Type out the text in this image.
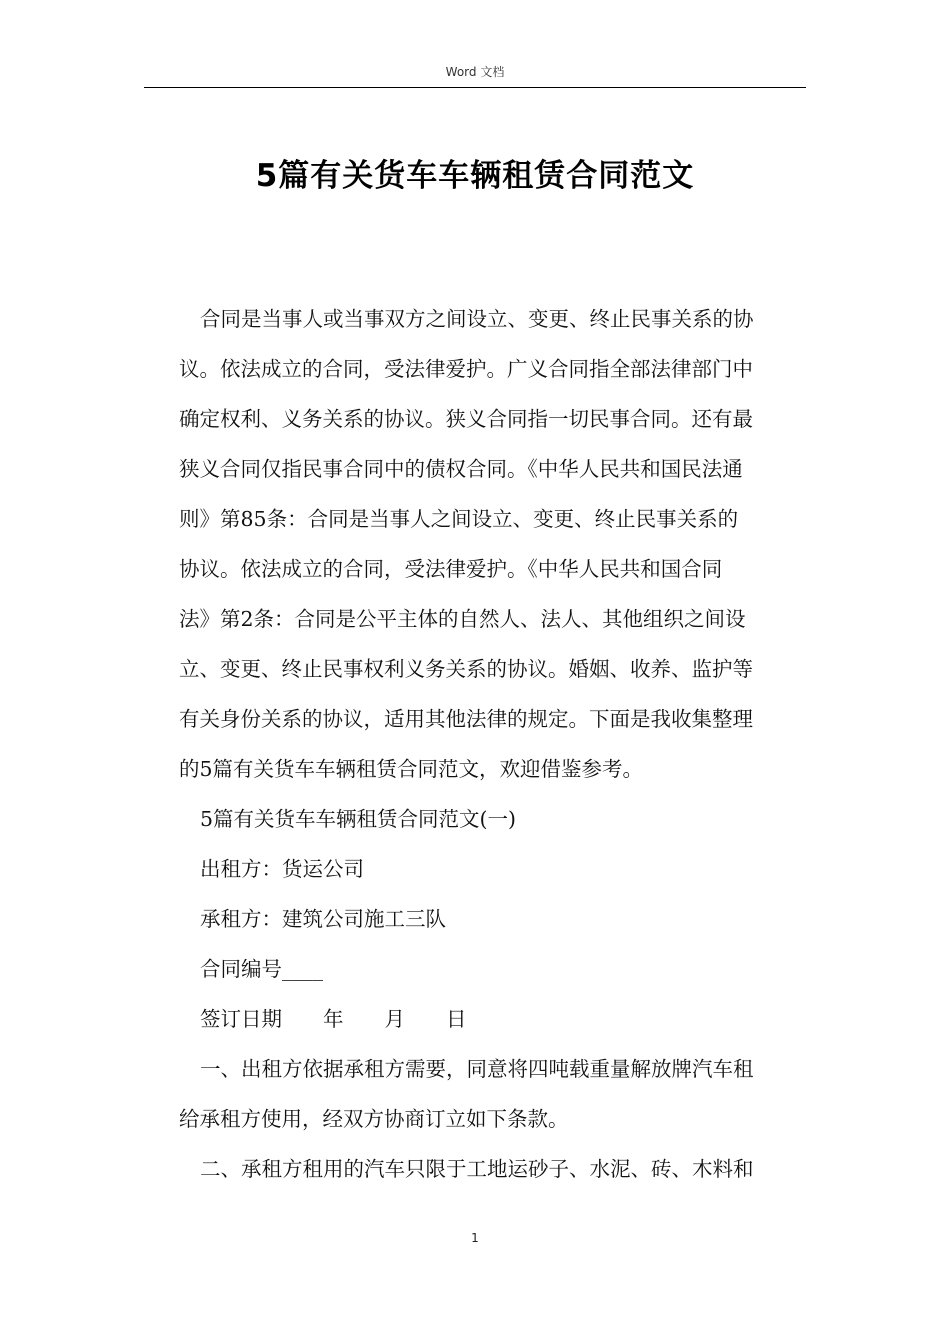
Word 文档
5篇有关货车车辆租赁合同范文
合同是当事人或当事双方之间设立、变更、终止民事关系的协
议。依法成立的合同，受法律爱护。广义合同指全部法律部门中
确定权利、义务关系的协议。狭义合同指一切民事合同。还有最
狭义合同仅指民事合同中的债权合同。《中华人民共和国民法通
则》第85条：合同是当事人之间设立、变更、终止民事关系的
协议。依法成立的合同，受法律爱护。《中华人民共和国合同
法》第2条：合同是公平主体的自然人、法人、其他组织之间设
立、变更、终止民事权利义务关系的协议。婚姻、收养、监护等
有关身份关系的协议，适用其他法律的规定。下面是我收集整理
的5篇有关货车车辆租赁合同范文，欢迎借鉴参考。
5篇有关货车车辆租赁合同范文(一)
出租方：货运公司
承租方：建筑公司施工三队
合同编号____
签订日期　　年　　月　　日
一、出租方依据承租方需要，同意将四吨载重量解放牌汽车租
给承租方使用，经双方协商订立如下条款。
二、承租方租用的汽车只限于工地运砂子、水泥、砖、木料和
1
